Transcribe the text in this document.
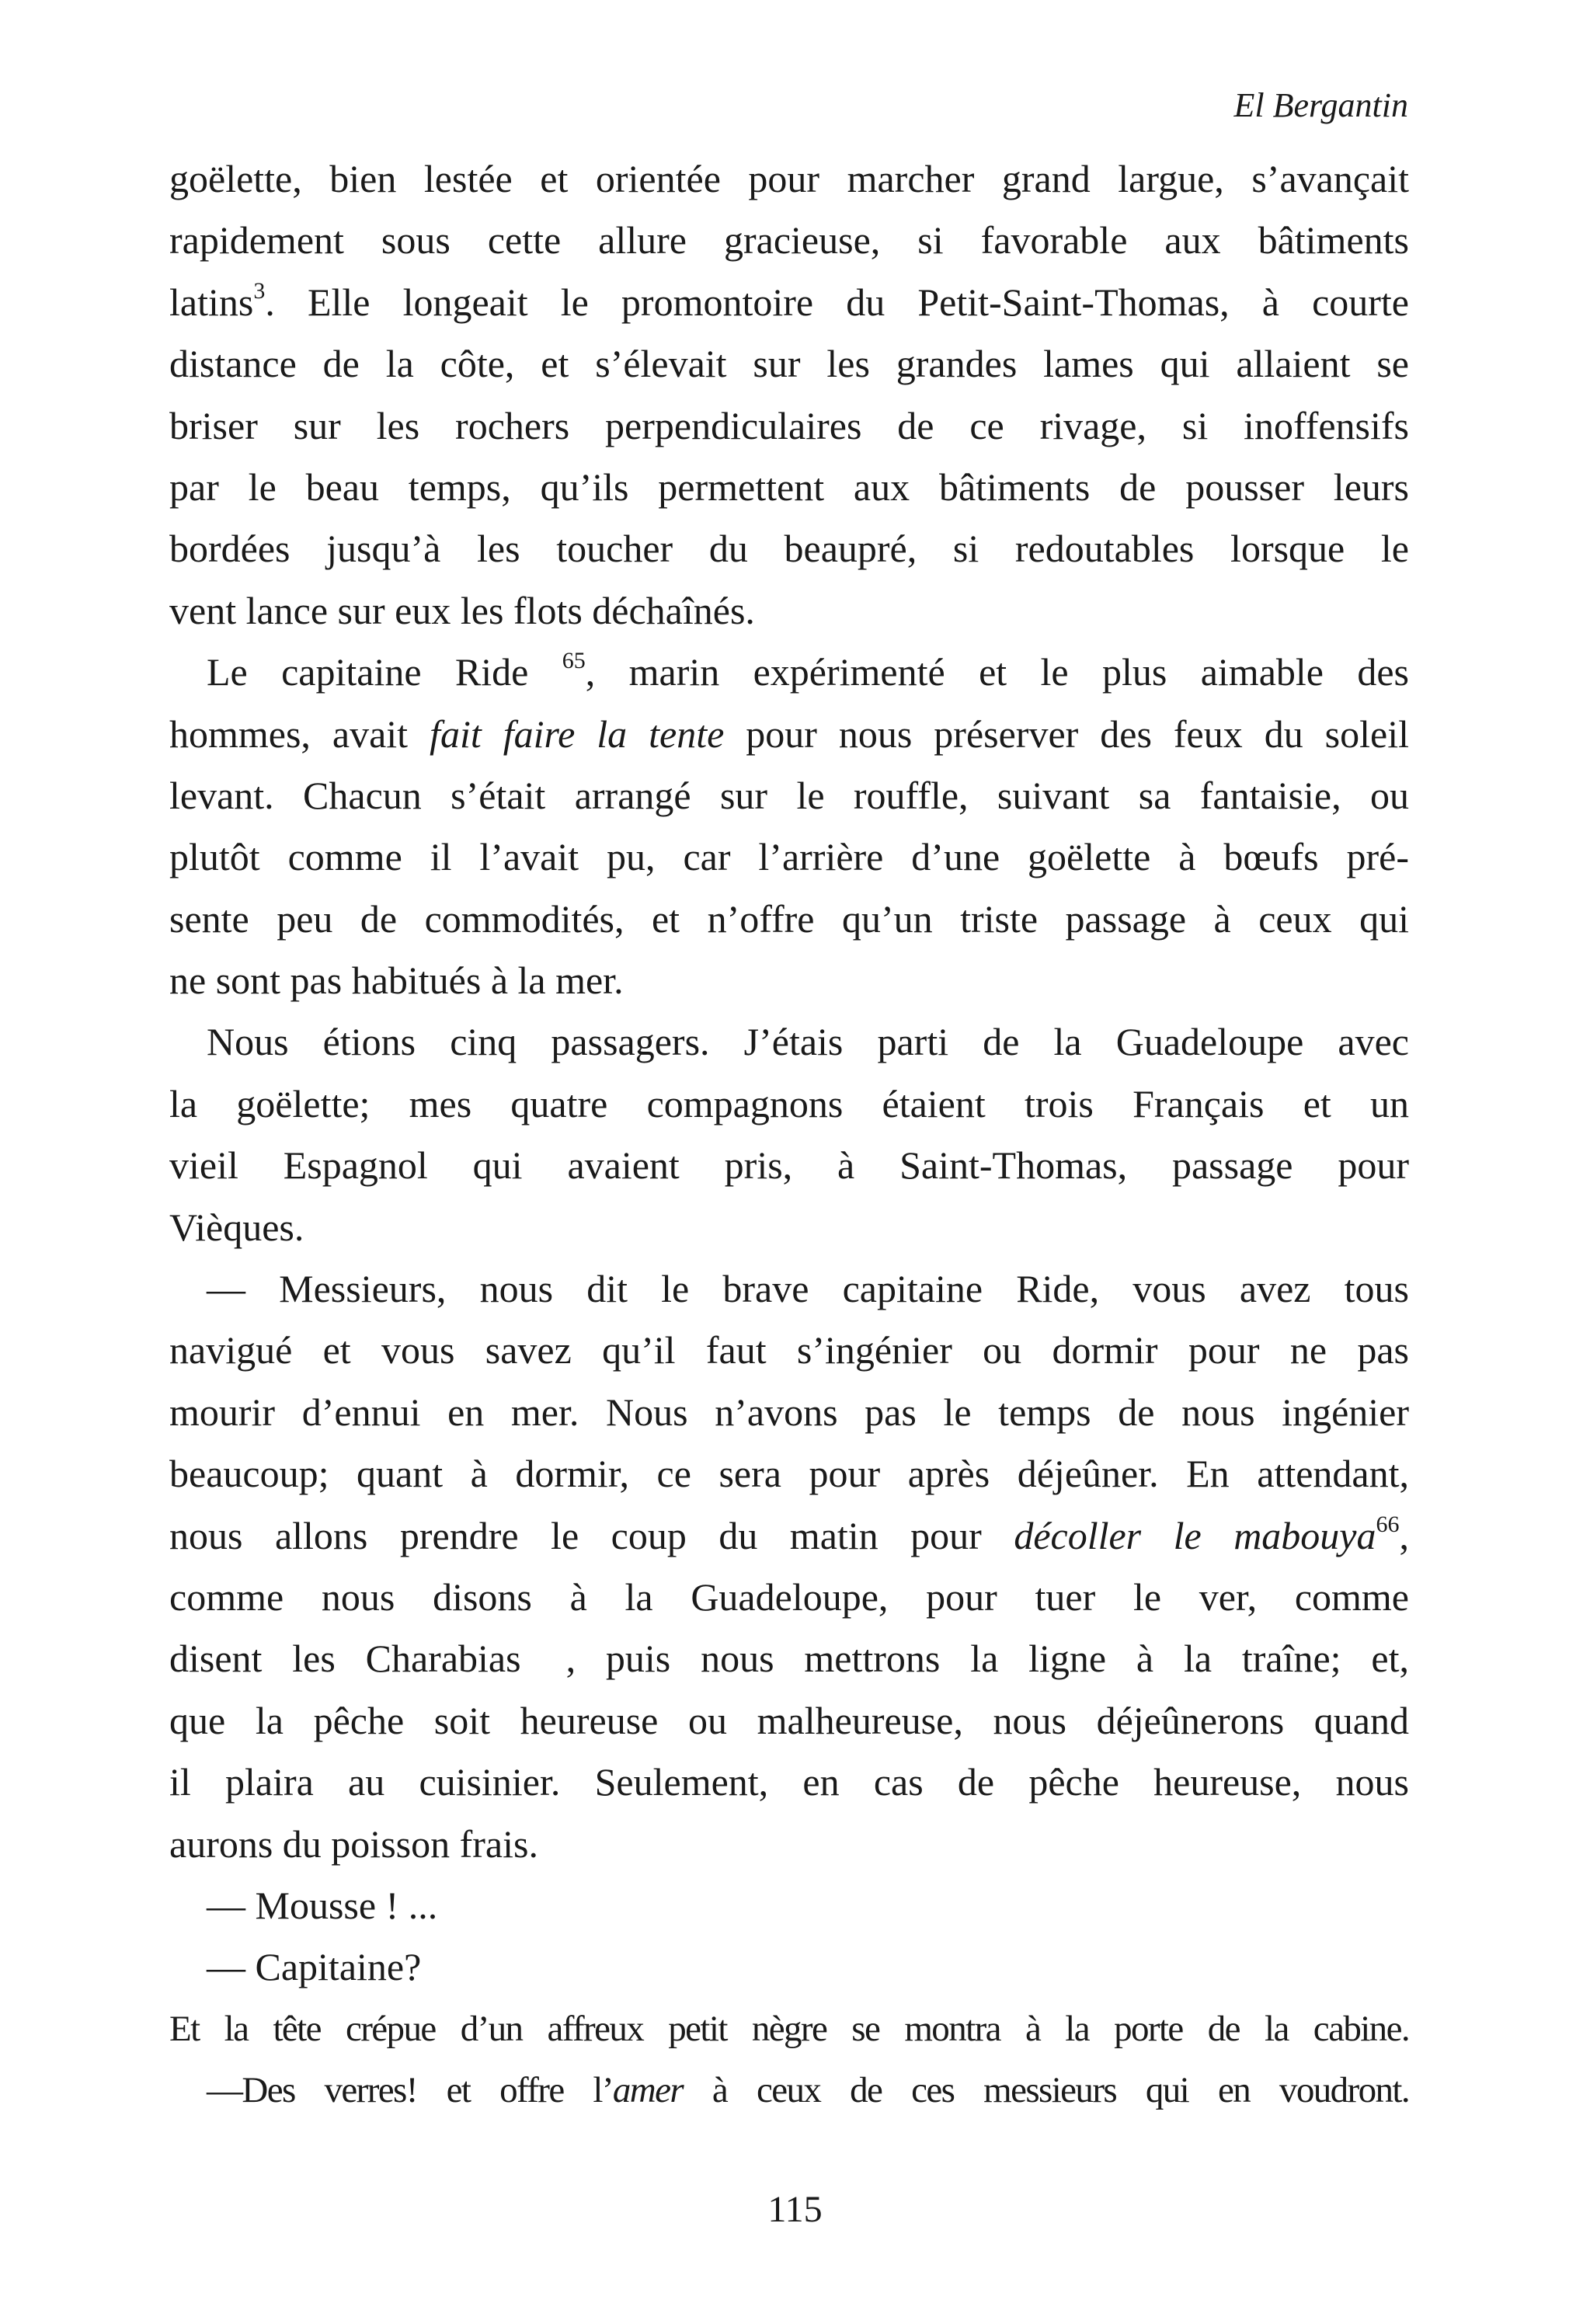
El Bergantin
goëlette, bien lestée et orientée pour marcher grand largue, s’avançait
rapidement sous cette allure gracieuse, si favorable aux bâtiments
latins$^3$. Elle longeait le promontoire du Petit-Saint-Thomas, à courte
distance de la côte, et s’élevait sur les grandes lames qui allaient se
briser sur les rochers perpendiculaires de ce rivage, si inoffensifs
par le beau temps, qu’ils permettent aux bâtiments de pousser leurs
bordées jusqu’à les toucher du beaupré, si redoutables lorsque le
vent lance sur eux les flots déchaînés.
Le capitaine Ride $^{65}$, marin expérimenté et le plus aimable des
hommes, avait fait faire la tente pour nous préserver des feux du soleil
levant. Chacun s’était arrangé sur le rouffle, suivant sa fantaisie, ou
plutôt comme il l’avait pu, car l’arrière d’une goëlette à bœufs pré-
sente peu de commodités, et n’offre qu’un triste passage à ceux qui
ne sont pas habitués à la mer.
Nous étions cinq passagers. J’étais parti de la Guadeloupe avec
la goëlette; mes quatre compagnons étaient trois Français et un
vieil Espagnol qui avaient pris, à Saint-Thomas, passage pour
Vièques.
— Messieurs, nous dit le brave capitaine Ride, vous avez tous
navigué et vous savez qu’il faut s’ingénier ou dormir pour ne pas
mourir d’ennui en mer. Nous n’avons pas le temps de nous ingénier
beaucoup; quant à dormir, ce sera pour après déjeûner. En attendant,
nous allons prendre le coup du matin pour décoller le mabouya$^{66}$,
comme nous disons à la Guadeloupe, pour tuer le ver, comme
disent les Charabias , puis nous mettrons la ligne à la traîne; et,
que la pêche soit heureuse ou malheureuse, nous déjeûnerons quand
il plaira au cuisinier. Seulement, en cas de pêche heureuse, nous
aurons du poisson frais.
— Mousse ! ...
— Capitaine?
Et la tête crépue d’un affreux petit nègre se montra à la porte de la cabine.
—Des verres! et offre l’amer à ceux de ces messieurs qui en voudront.
115
